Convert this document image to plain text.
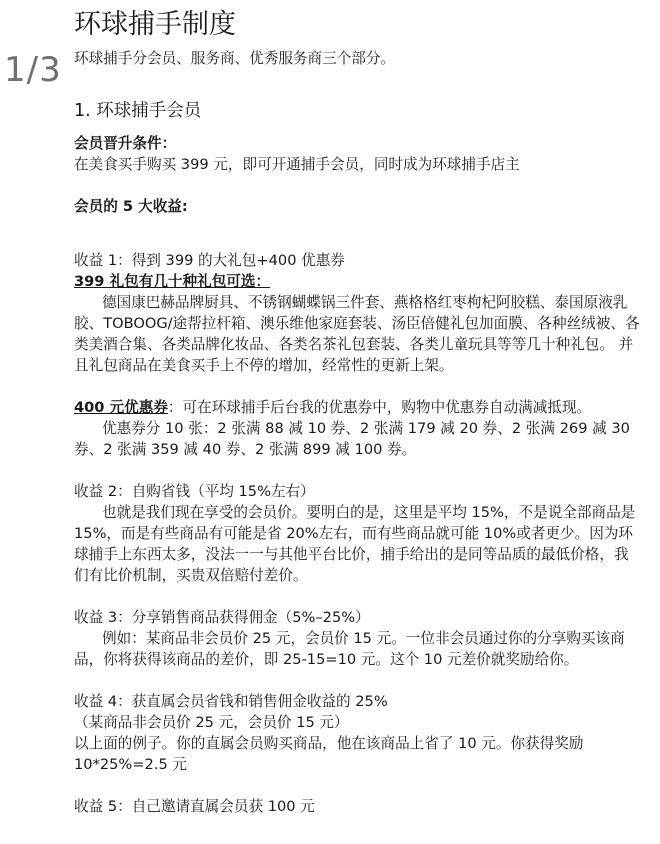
1/3
环球捕手制度

环球捕手分会员、服务商、优秀服务商三个部分。

1. 环球捕手会员

会员晋升条件：

在美食买手购买 399 元，即可开通捕手会员，同时成为环球捕手店主

会员的 5 大收益:

收益 1：得到 399 的大礼包+400 优惠券

399 礼包有几十种礼包可选：

德国康巴赫品牌厨具、不锈钢蝴蝶锅三件套、燕格格红枣枸杞阿胶糕、泰国原液乳胶、TOBOOG/途帮拉杆箱、澳乐维他家庭套装、汤臣倍健礼包加面膜、各种丝绒被、各类美酒合集、各类品牌化妆品、各类名茶礼包套装、各类儿童玩具等等几十种礼包。 并且礼包商品在美食买手上不停的增加，经常性的更新上架。

400 元优惠券：可在环球捕手后台我的优惠券中，购物中优惠券自动满减抵现。

优惠券分 10 张：2 张满 88 减 10 券、2 张满 179 减 20 券、2 张满 269 减 30 券、2 张满 359 减 40 券、2 张满 899 减 100 券。

收益 2：自购省钱（平均 15%左右）

也就是我们现在享受的会员价。要明白的是，这里是平均 15%，不是说全部商品是 15%，而是有些商品有可能是省 20%左右，而有些商品就可能 10%或者更少。因为环球捕手上东西太多，没法一一与其他平台比价，捕手给出的是同等品质的最低价格，我们有比价机制，买贵双倍赔付差价。

收益 3：分享销售商品获得佣金（5%–25%）

例如：某商品非会员价 25 元，会员价 15 元。一位非会员通过你的分享购买该商品，你将获得该商品的差价，即 25-15=10 元。这个 10 元差价就奖励给你。

收益 4：获直属会员省钱和销售佣金收益的 25%

（某商品非会员价 25 元，会员价 15 元）

以上面的例子。你的直属会员购买商品，他在该商品上省了 10 元。你获得奖励 10*25%=2.5 元

收益 5：自己邀请直属会员获 100 元
